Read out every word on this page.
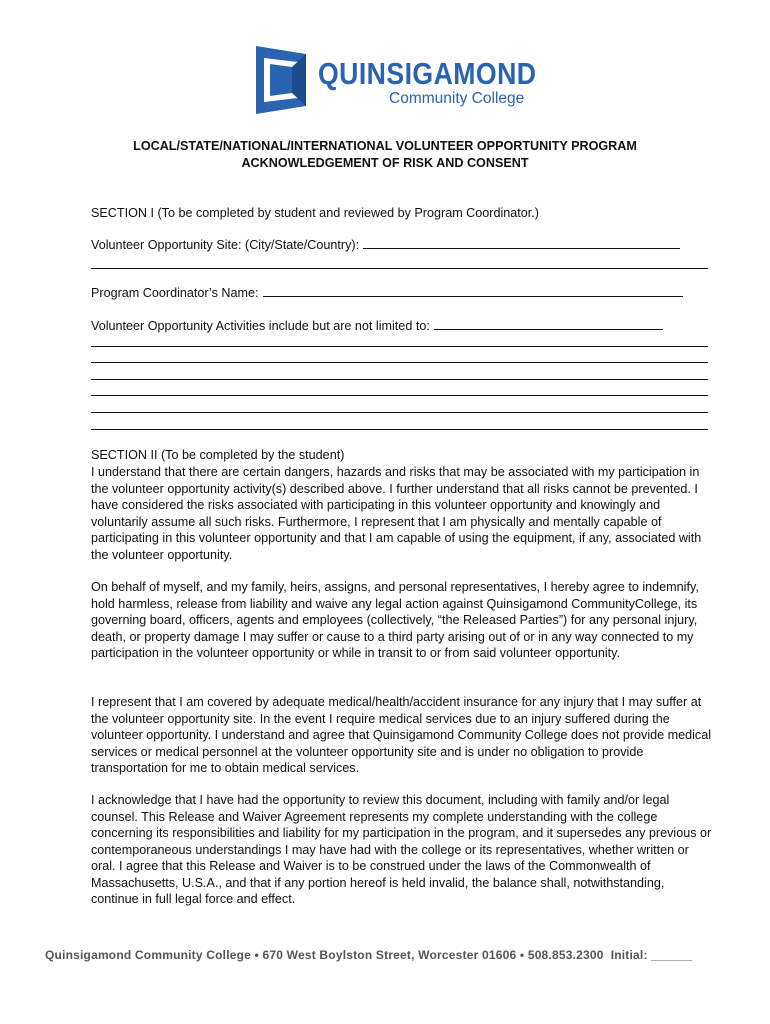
QUINSIGAMOND
Community College
LOCAL/STATE/NATIONAL/INTERNATIONAL VOLUNTEER OPPORTUNITY PROGRAM
ACKNOWLEDGEMENT OF RISK AND CONSENT
SECTION I (To be completed by student and reviewed by Program Coordinator.)
Volunteer Opportunity Site: (City/State/Country):
Program Coordinator’s Name:
Volunteer Opportunity Activities include but are not limited to:
SECTION II (To be completed by the student)
I understand that there are certain dangers, hazards and risks that may be associated with my participation in the volunteer opportunity activity(s) described above. I further understand that all risks cannot be prevented. I have considered the risks associated with participating in this volunteer opportunity and knowingly and voluntarily assume all such risks. Furthermore, I represent that I am physically and mentally capable of participating in this volunteer opportunity and that I am capable of using the equipment, if any, associated with the volunteer opportunity.
On behalf of myself, and my family, heirs, assigns, and personal representatives, I hereby agree to indemnify, hold harmless, release from liability and waive any legal action against Quinsigamond CommunityCollege, its governing board, officers, agents and employees (collectively, “the Released Parties”) for any personal injury, death, or property damage I may suffer or cause to a third party arising out of or in any way connected to my participation in the volunteer opportunity or while in transit to or from said volunteer opportunity.
I represent that I am covered by adequate medical/health/accident insurance for any injury that I may suffer at the volunteer opportunity site. In the event I require medical services due to an injury suffered during the volunteer opportunity. I understand and agree that Quinsigamond Community College does not provide medical services or medical personnel at the volunteer opportunity site and is under no obligation to provide transportation for me to obtain medical services.
I acknowledge that I have had the opportunity to review this document, including with family and/or legal counsel. This Release and Waiver Agreement represents my complete understanding with the college concerning its responsibilities and liability for my participation in the program, and it supersedes any previous or contemporaneous understandings I may have had with the college or its representatives, whether written or oral. I agree that this Release and Waiver is to be construed under the laws of the Commonwealth of Massachusetts, U.S.A., and that if any portion hereof is held invalid, the balance shall, notwithstanding, continue in full legal force and effect.
Quinsigamond Community College • 670 West Boylston Street, Worcester 01606 • 508.853.2300 Initial: ______
